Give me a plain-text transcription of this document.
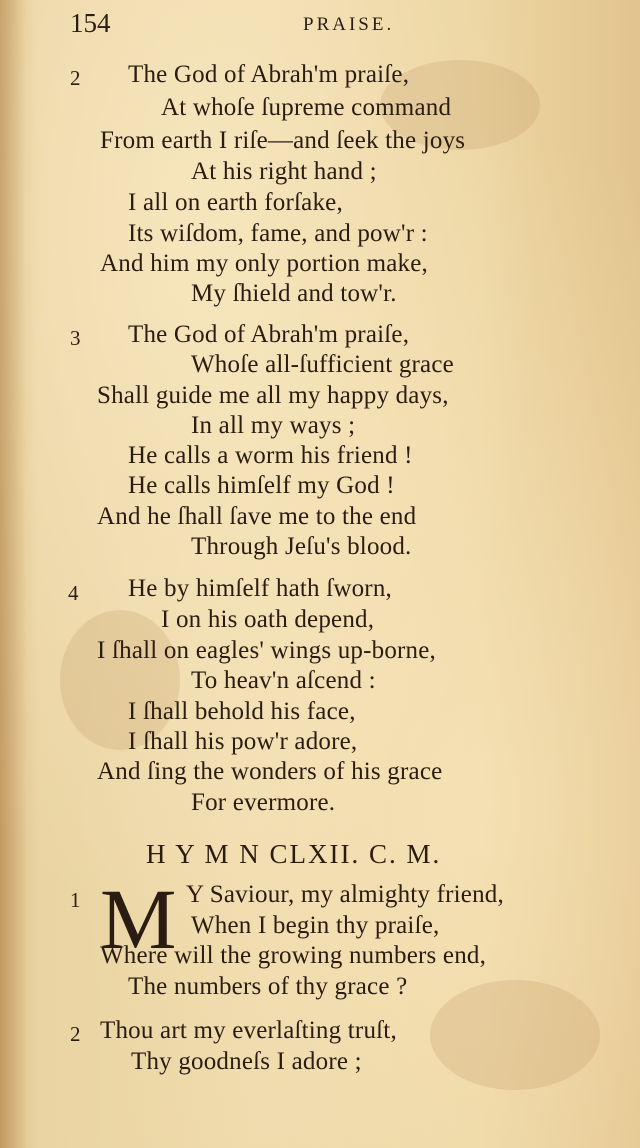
154	PRAISE.
2 The God of Abrah'm praiſe,
At whoſe ſupreme command
From earth I riſe—and ſeek the joys
At his right hand ;
I all on earth forſake,
Its wiſdom, fame, and pow'r :
And him my only portion make,
My ſhield and tow'r.
3 The God of Abrah'm praiſe,
Whoſe all-ſufficient grace
Shall guide me all my happy days,
In all my ways ;
He calls a worm his friend !
He calls himſelf my God !
And he ſhall ſave me to the end
Through Jeſu's blood.
4 He by himſelf hath ſworn,
I on his oath depend,
I ſhall on eagles' wings up-borne,
To heav'n aſcend :
I ſhall behold his face,
I ſhall his pow'r adore,
And ſing the wonders of his grace
For evermore.
H Y M N CLXII. C. M.
1 M Y Saviour, my almighty friend,
When I begin thy praiſe,
Where will the growing numbers end,
The numbers of thy grace ?
2 Thou art my everlaſting truſt,
Thy goodneſs I adore ;
